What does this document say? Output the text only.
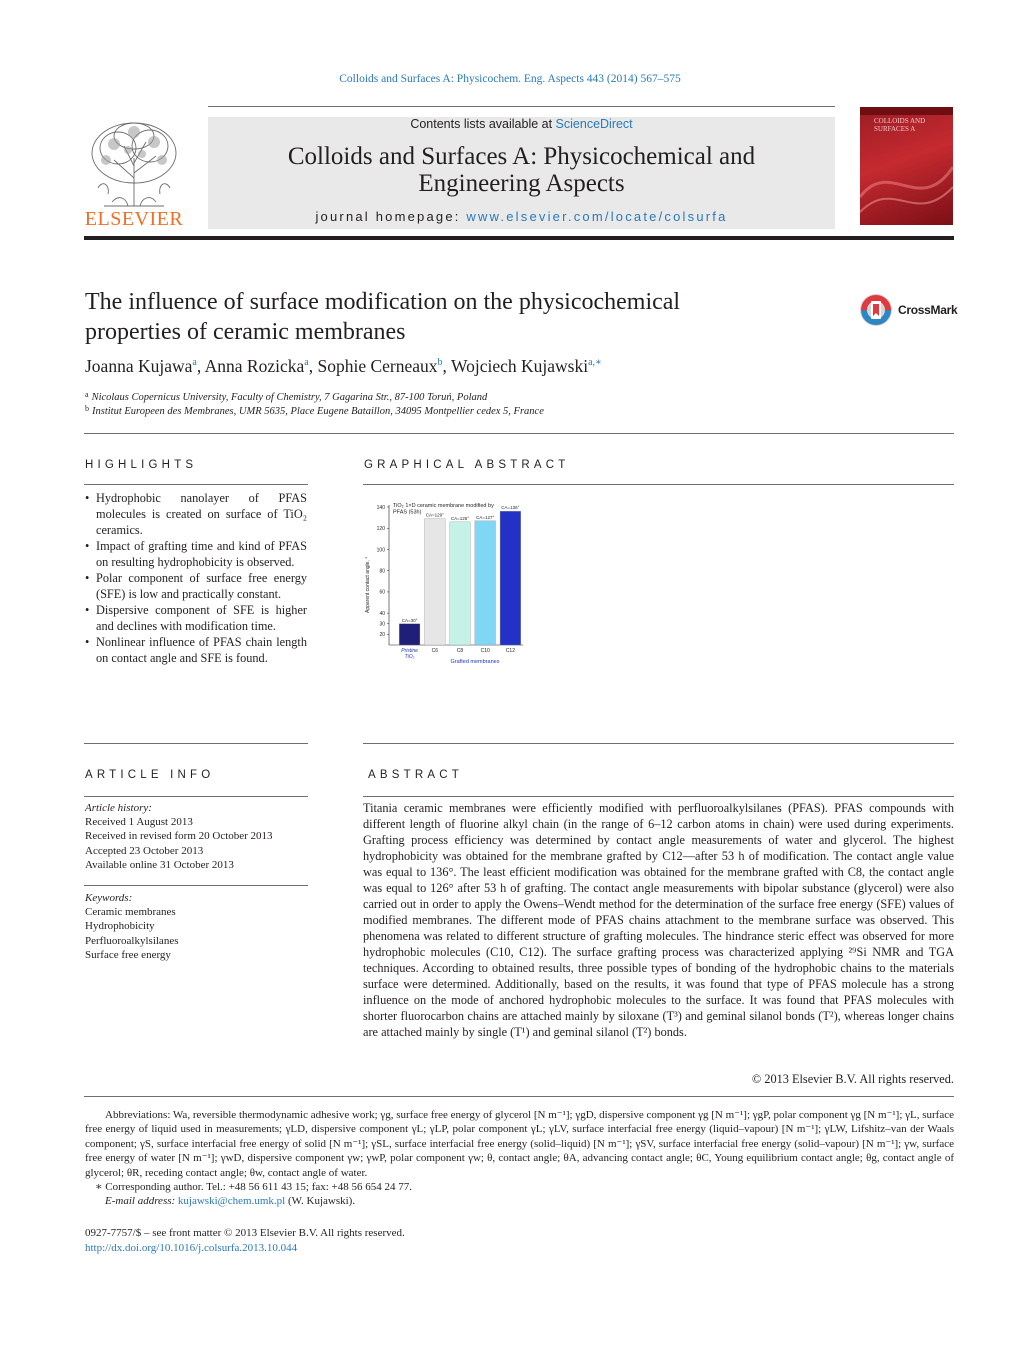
Colloids and Surfaces A: Physicochem. Eng. Aspects 443 (2014) 567–575
ELSEVIER
Contents lists available at ScienceDirect
Colloids and Surfaces A: Physicochemical and
Engineering Aspects
journal homepage: www.elsevier.com/locate/colsurfa
COLLOIDS AND SURFACES A
The influence of surface modification on the physicochemical
properties of ceramic membranes
CrossMark
Joanna Kujawa$^a$, Anna Rozicka$^a$, Sophie Cerneaux$^b$, Wojciech Kujawski$^{a,∗}$
$^a$ Nicolaus Copernicus University, Faculty of Chemistry, 7 Gagarina Str., 87-100 Toruń, Poland
$^b$ Institut Europeen des Membranes, UMR 5635, Place Eugene Bataillon, 34095 Montpellier cedex 5, France
HIGHLIGHTS
• Hydrophobic nanolayer of PFAS molecules is created on surface of TiO₂ ceramics.
• Impact of grafting time and kind of PFAS on resulting hydrophobicity is observed.
• Polar component of surface free energy (SFE) is low and practically constant.
• Dispersive component of SFE is higher and declines with modification time.
• Nonlinear influence of PFAS chain length on contact angle and SFE is found.
GRAPHICAL ABSTRACT
TiO₂ 1×D ceramic membrane modified by PFAS (53h)
Apparent contact angle, °
Grafted membranes
140
120
100
80
60
40
30
20
CA=30°
Pristine TiO₂
CA=129°
C6
CA=126°
C8
CA=127°
C10
CA=136°
C12
ARTICLE INFO
Article history:
Received 1 August 2013
Received in revised form 20 October 2013
Accepted 23 October 2013
Available online 31 October 2013
Keywords:
Ceramic membranes
Hydrophobicity
Perfluoroalkylsilanes
Surface free energy
ABSTRACT
Titania ceramic membranes were efficiently modified with perfluoroalkylsilanes (PFAS). PFAS compounds with different length of fluorine alkyl chain (in the range of 6–12 carbon atoms in chain) were used during experiments. Grafting process efficiency was determined by contact angle measurements of water and glycerol. The highest hydrophobicity was obtained for the membrane grafted by C12—after 53 h of modification. The contact angle value was equal to 136°. The least efficient modification was obtained for the membrane grafted with C8, the contact angle was equal to 126° after 53 h of grafting. The contact angle measurements with bipolar substance (glycerol) were also carried out in order to apply the Owens–Wendt method for the determination of the surface free energy (SFE) values of modified membranes. The different mode of PFAS chains attachment to the membrane surface was observed. This phenomena was related to different structure of grafting molecules. The hindrance steric effect was observed for more hydrophobic molecules (C10, C12). The surface grafting process was characterized applying ²⁹Si NMR and TGA techniques. According to obtained results, three possible types of bonding of the hydrophobic chains to the materials surface were determined. Additionally, based on the results, it was found that type of PFAS molecule has a strong influence on the mode of anchored hydrophobic molecules to the surface. It was found that PFAS molecules with shorter fluorocarbon chains are attached mainly by siloxane (T³) and geminal silanol bonds (T²), whereas longer chains are attached mainly by single (T¹) and geminal silanol (T²) bonds.
© 2013 Elsevier B.V. All rights reserved.
Abbreviations: Wa, reversible thermodynamic adhesive work; γg, surface free energy of glycerol [N m⁻¹]; γgD, dispersive component γg [N m⁻¹]; γgP, polar component γg [N m⁻¹]; γL, surface free energy of liquid used in measurements; γLD, dispersive component γL; γLP, polar component γL; γLV, surface interfacial free energy (liquid–vapour) [N m⁻¹]; γLW, Lifshitz–van der Waals component; γS, surface interfacial free energy of solid [N m⁻¹]; γSL, surface interfacial free energy (solid–liquid) [N m⁻¹]; γSV, surface interfacial free energy (solid–vapour) [N m⁻¹]; γw, surface free energy of water [N m⁻¹]; γwD, dispersive component γw; γwP, polar component γw; θ, contact angle; θA, advancing contact angle; θC, Young equilibrium contact angle; θg, contact angle of glycerol; θR, receding contact angle; θw, contact angle of water.
∗ Corresponding author. Tel.: +48 56 611 43 15; fax: +48 56 654 24 77.
E-mail address: kujawski@chem.umk.pl (W. Kujawski).
0927-7757/$ – see front matter © 2013 Elsevier B.V. All rights reserved.
http://dx.doi.org/10.1016/j.colsurfa.2013.10.044
